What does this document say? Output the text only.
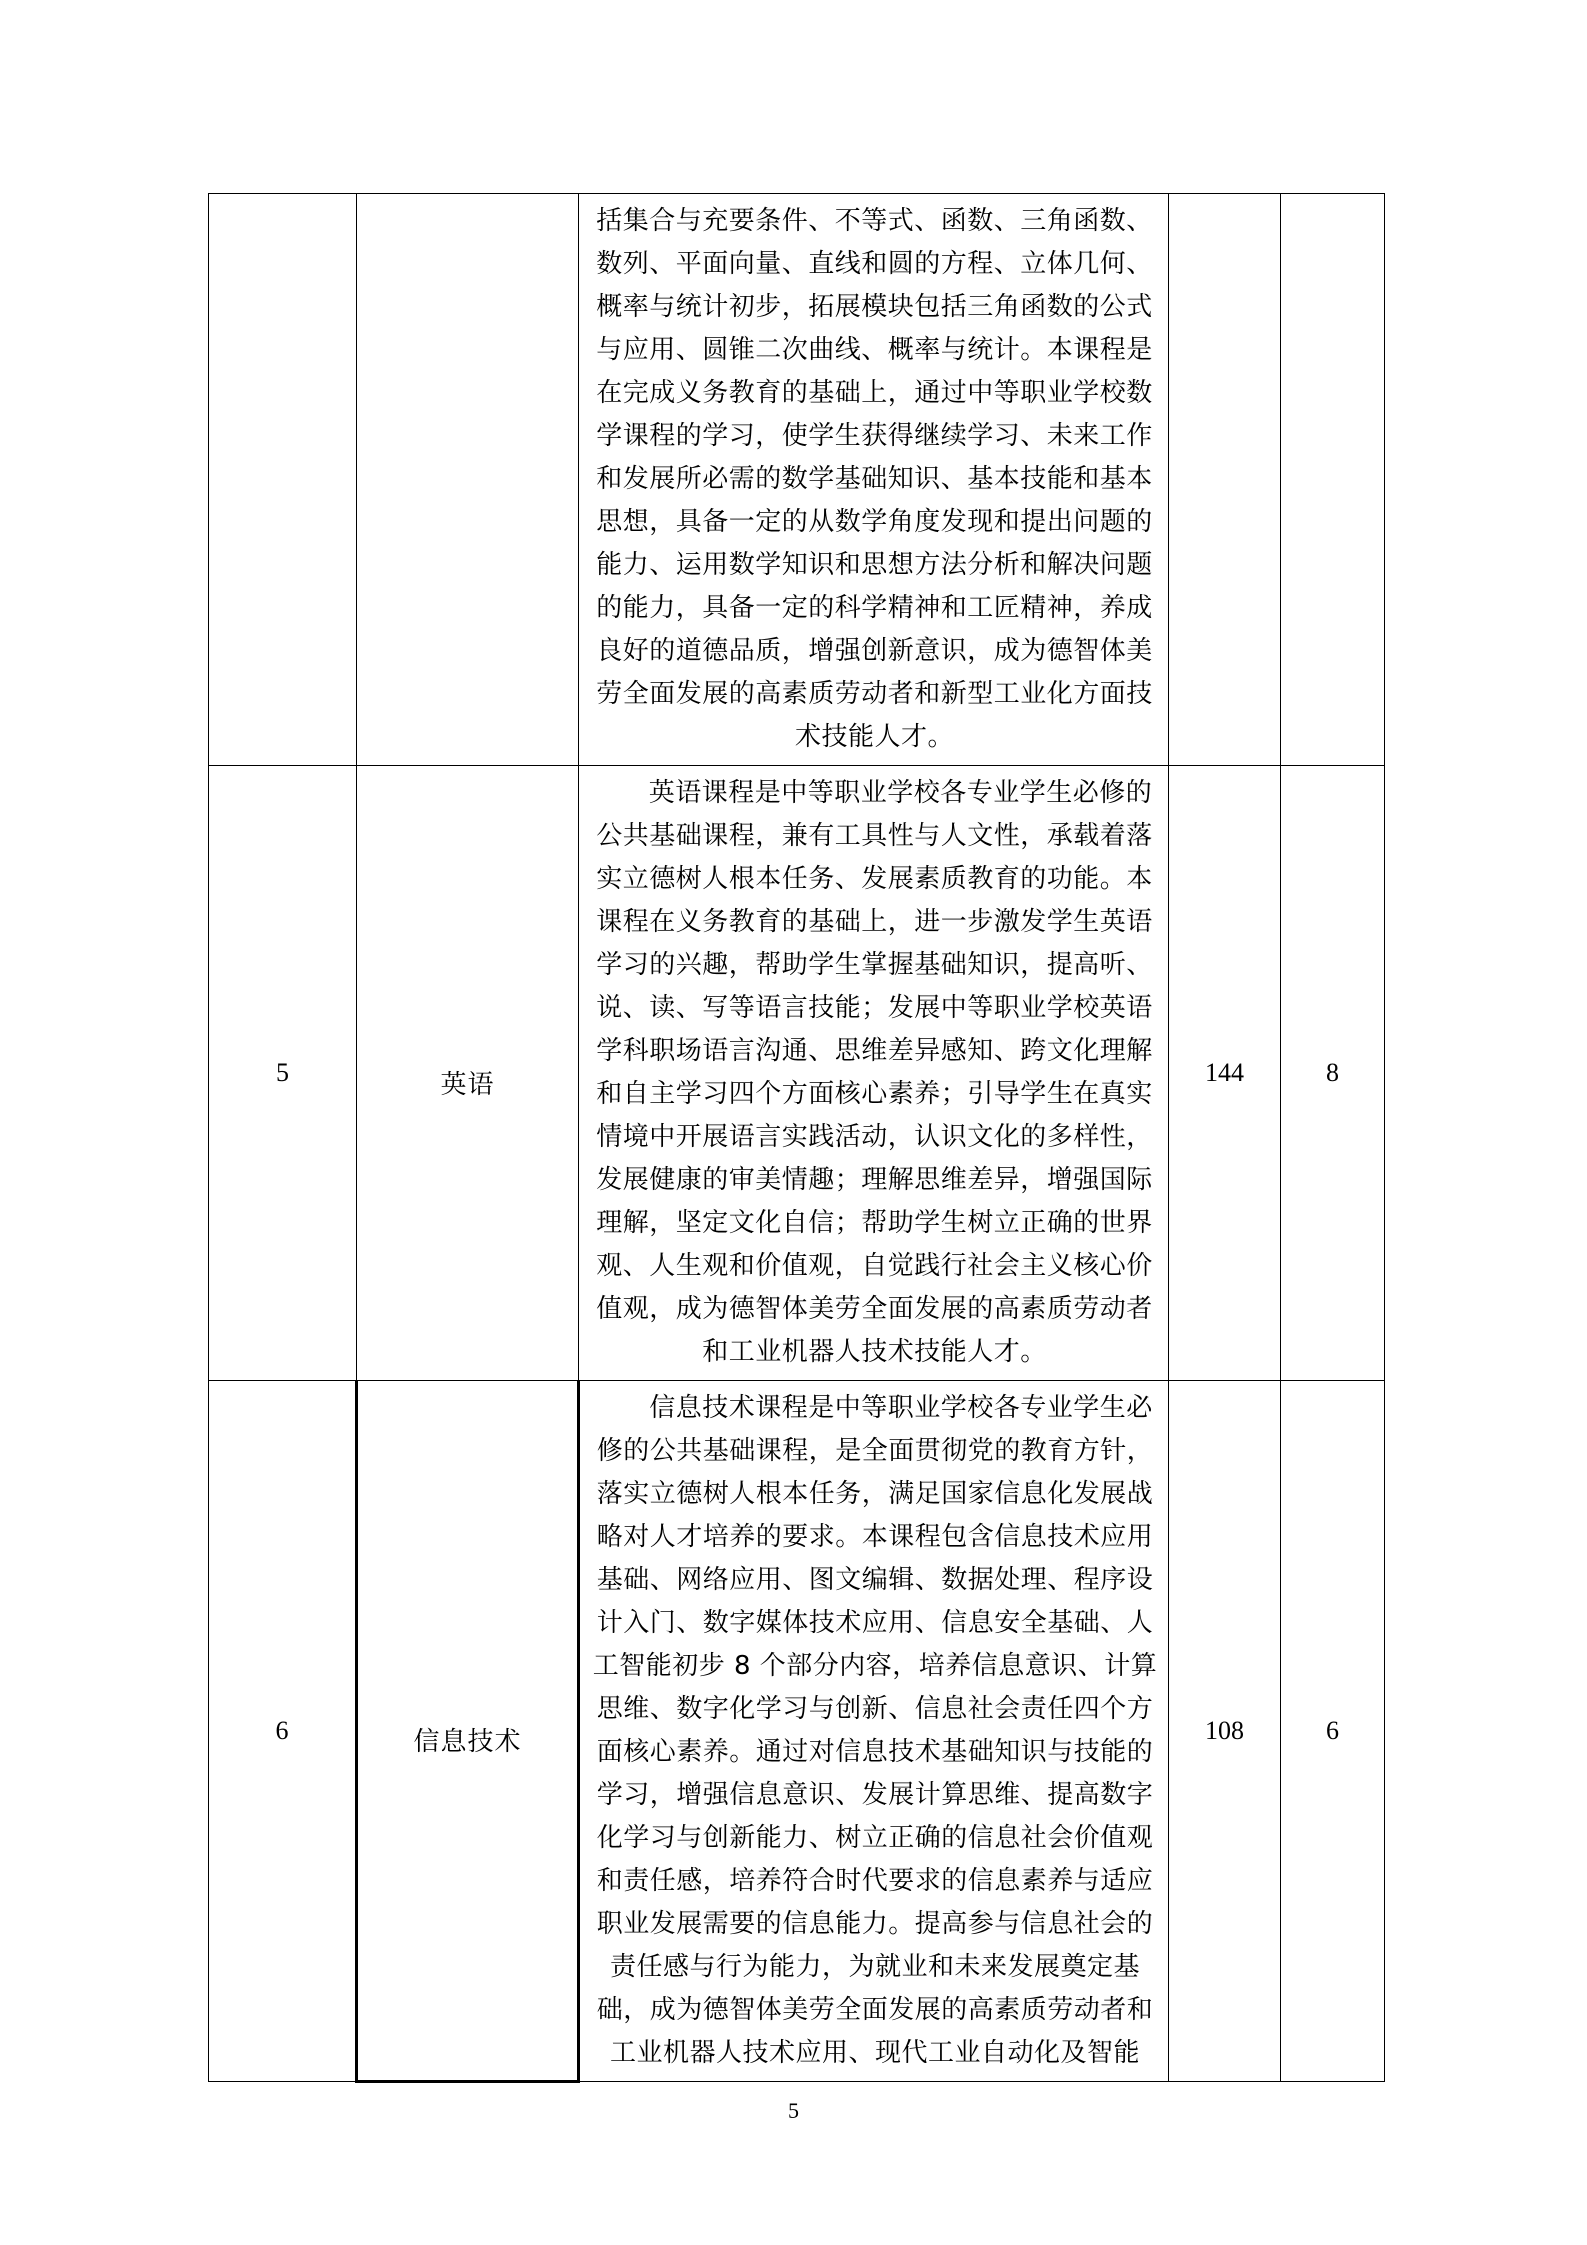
		括集合与充要条件、不等式、函数、三角函数、数列、平面向量、直线和圆的方程、立体几何、概率与统计初步，拓展模块包括三角函数的公式与应用、圆锥二次曲线、概率与统计。本课程是在完成义务教育的基础上，通过中等职业学校数学课程的学习，使学生获得继续学习、未来工作和发展所必需的数学基础知识、基本技能和基本思想，具备一定的从数学角度发现和提出问题的能力、运用数学知识和思想方法分析和解决问题的能力，具备一定的科学精神和工匠精神，养成良好的道德品质，增强创新意识，成为德智体美劳全面发展的高素质劳动者和新型工业化方面技术技能人才。		

5	英语	英语课程是中等职业学校各专业学生必修的公共基础课程，兼有工具性与人文性，承载着落实立德树人根本任务、发展素质教育的功能。本课程在义务教育的基础上，进一步激发学生英语学习的兴趣，帮助学生掌握基础知识，提高听、说、读、写等语言技能；发展中等职业学校英语学科职场语言沟通、思维差异感知、跨文化理解和自主学习四个方面核心素养；引导学生在真实情境中开展语言实践活动，认识文化的多样性，发展健康的审美情趣；理解思维差异，增强国际理解，坚定文化自信；帮助学生树立正确的世界观、人生观和价值观，自觉践行社会主义核心价值观，成为德智体美劳全面发展的高素质劳动者和工业机器人技术技能人才。	144	8
6	信息技术	信息技术课程是中等职业学校各专业学生必修的公共基础课程，是全面贯彻党的教育方针，落实立德树人根本任务，满足国家信息化发展战略对人才培养的要求。本课程包含信息技术应用基础、网络应用、图文编辑、数据处理、程序设 计入门、数字媒体技术应用、信息安全基础、人工智能初步 8 个部分内容，培养信息意识、计算思维、数字化学习与创新、信息社会责任四个方面核心素养。通过对信息技术基础知识与技能的学习，增强信息意识、发展计算思维、提高数字化学习与创新能力、树立正确的信息社会价值观和责任感，培养符合时代要求的信息素养与适应职业发展需要的信息能力。提高参与信息社会的责任感与行为能力，为就业和未来发展奠定基础，成为德智体美劳全面发展的高素质劳动者和工业机器人技术应用、现代工业自动化及智能	108	6
5
